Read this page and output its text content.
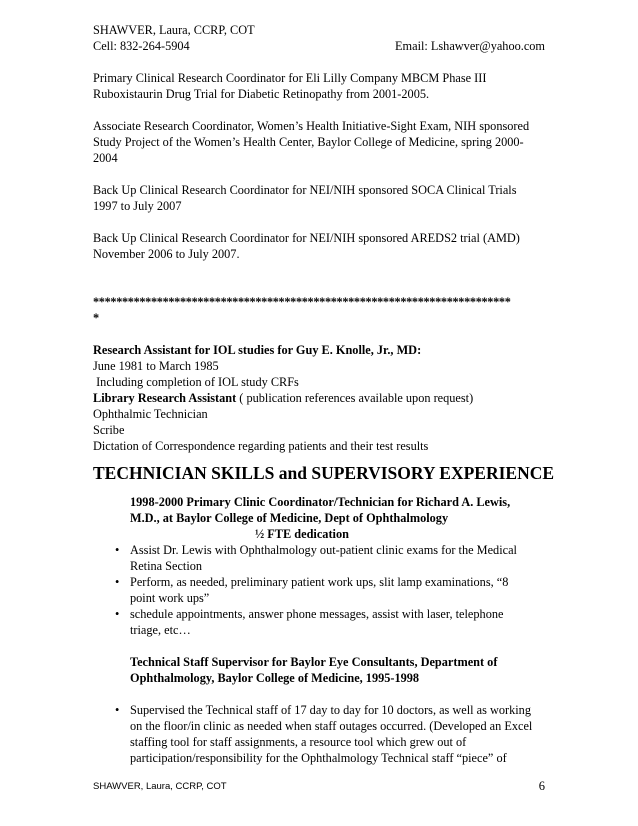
SHAWVER, Laura, CCRP, COT
Cell: 832-264-5904	Email: Lshawver@yahoo.com
Primary Clinical Research Coordinator for Eli Lilly Company MBCM Phase III
Ruboxistaurin Drug Trial for Diabetic Retinopathy from 2001-2005.
Associate Research Coordinator, Women’s Health Initiative-Sight Exam, NIH sponsored
Study Project of the Women’s Health Center, Baylor College of Medicine, spring 2000-
2004
Back Up Clinical Research Coordinator for NEI/NIH sponsored SOCA Clinical Trials
1997 to July 2007
Back Up Clinical Research Coordinator for NEI/NIH sponsored AREDS2 trial (AMD)
November 2006 to July 2007.
************************************************************************
*
Research Assistant for IOL studies for Guy E. Knolle, Jr., MD:
June 1981 to March 1985
Including completion of IOL study CRFs
Library Research Assistant ( publication references available upon request)
Ophthalmic Technician
Scribe
Dictation of Correspondence regarding patients and their test results
TECHNICIAN SKILLS and SUPERVISORY EXPERIENCE
1998-2000 Primary Clinic Coordinator/Technician for Richard A. Lewis,
M.D., at Baylor College of Medicine, Dept of Ophthalmology
½ FTE dedication
• Assist Dr. Lewis with Ophthalmology out-patient clinic exams for the Medical
Retina Section
• Perform, as needed, preliminary patient work ups, slit lamp examinations, “8
point work ups”
• schedule appointments, answer phone messages, assist with laser, telephone
triage, etc…
Technical Staff Supervisor for Baylor Eye Consultants, Department of
Ophthalmology, Baylor College of Medicine, 1995-1998
• Supervised the Technical staff of 17 day to day for 10 doctors, as well as working
on the floor/in clinic as needed when staff outages occurred. (Developed an Excel
staffing tool for staff assignments, a resource tool which grew out of
participation/responsibility for the Ophthalmology Technical staff “piece” of
SHAWVER, Laura, CCRP, COT	6
